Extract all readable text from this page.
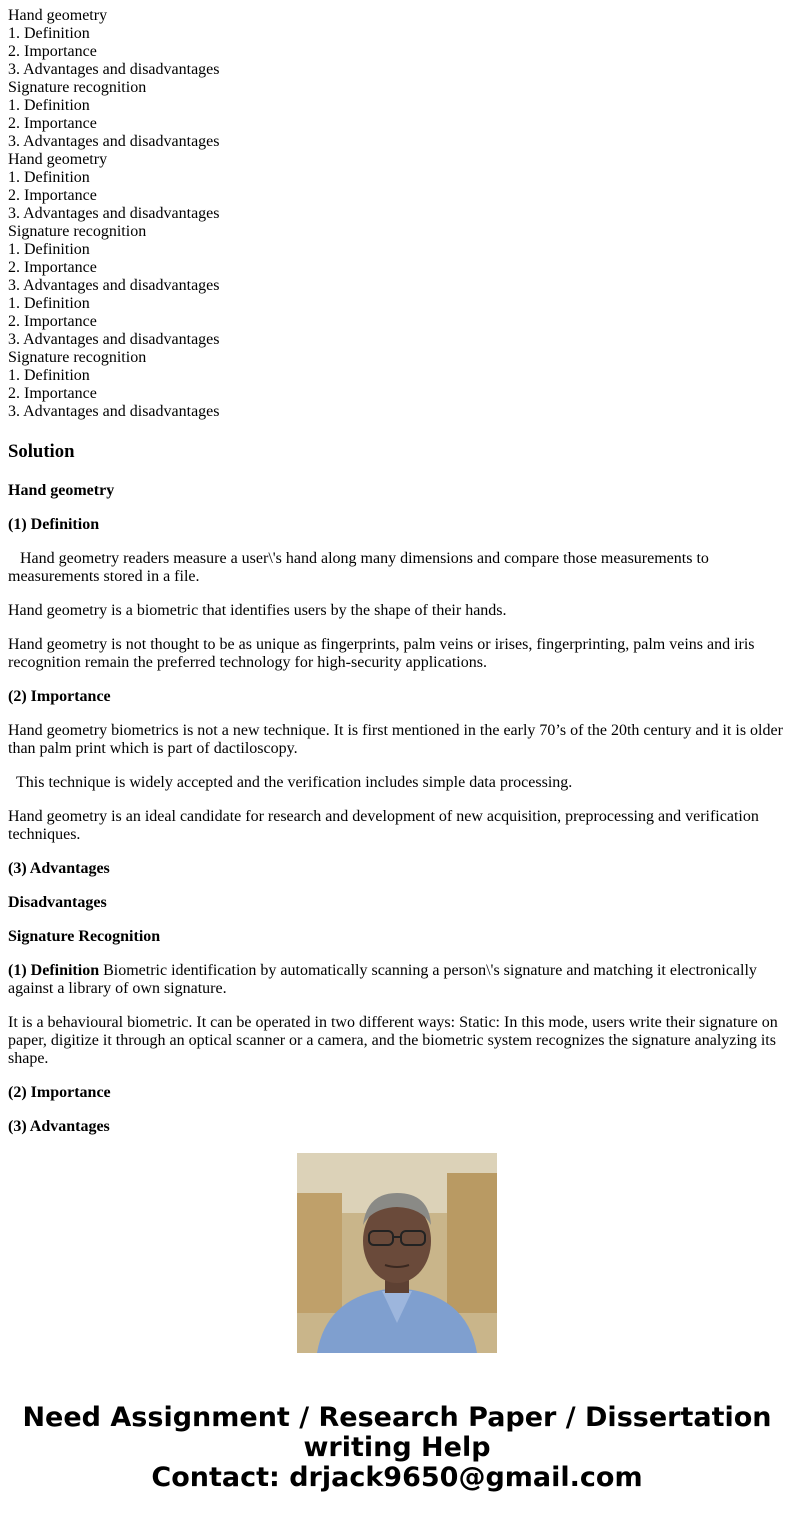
Hand geometry
1. Definition
2. Importance
3. Advantages and disadvantages
Signature recognition
1. Definition
2. Importance
3. Advantages and disadvantages
Hand geometry
1. Definition
2. Importance
3. Advantages and disadvantages
Signature recognition
1. Definition
2. Importance
3. Advantages and disadvantages
1. Definition
2. Importance
3. Advantages and disadvantages
Signature recognition
1. Definition
2. Importance
3. Advantages and disadvantages
Solution

Hand geometry

(1) Definition

Hand geometry readers measure a user\'s hand along many dimensions and compare those measurements to measurements stored in a file.

Hand geometry is a biometric that identifies users by the shape of their hands.

Hand geometry is not thought to be as unique as fingerprints, palm veins or irises, fingerprinting, palm veins and iris recognition remain the preferred technology for high-security applications.

(2) Importance

Hand geometry biometrics is not a new technique. It is first mentioned in the early 70’s of the 20th century and it is older than palm print which is part of dactiloscopy.

This technique is widely accepted and the verification includes simple data processing.

Hand geometry is an ideal candidate for research and development of new acquisition, preprocessing and verification techniques.

(3) Advantages

Disadvantages

Signature Recognition

(1) Definition Biometric identification by automatically scanning a person\'s signature and matching it electronically against a library of own signature.

It is a behavioural biometric. It can be operated in two different ways: Static: In this mode, users write their signature on paper, digitize it through an optical scanner or a camera, and the biometric system recognizes the signature analyzing its shape.

(2) Importance

(3) Advantages

Need Assignment / Research Paper / Dissertation
writing Help
Contact: drjack9650@gmail.com
